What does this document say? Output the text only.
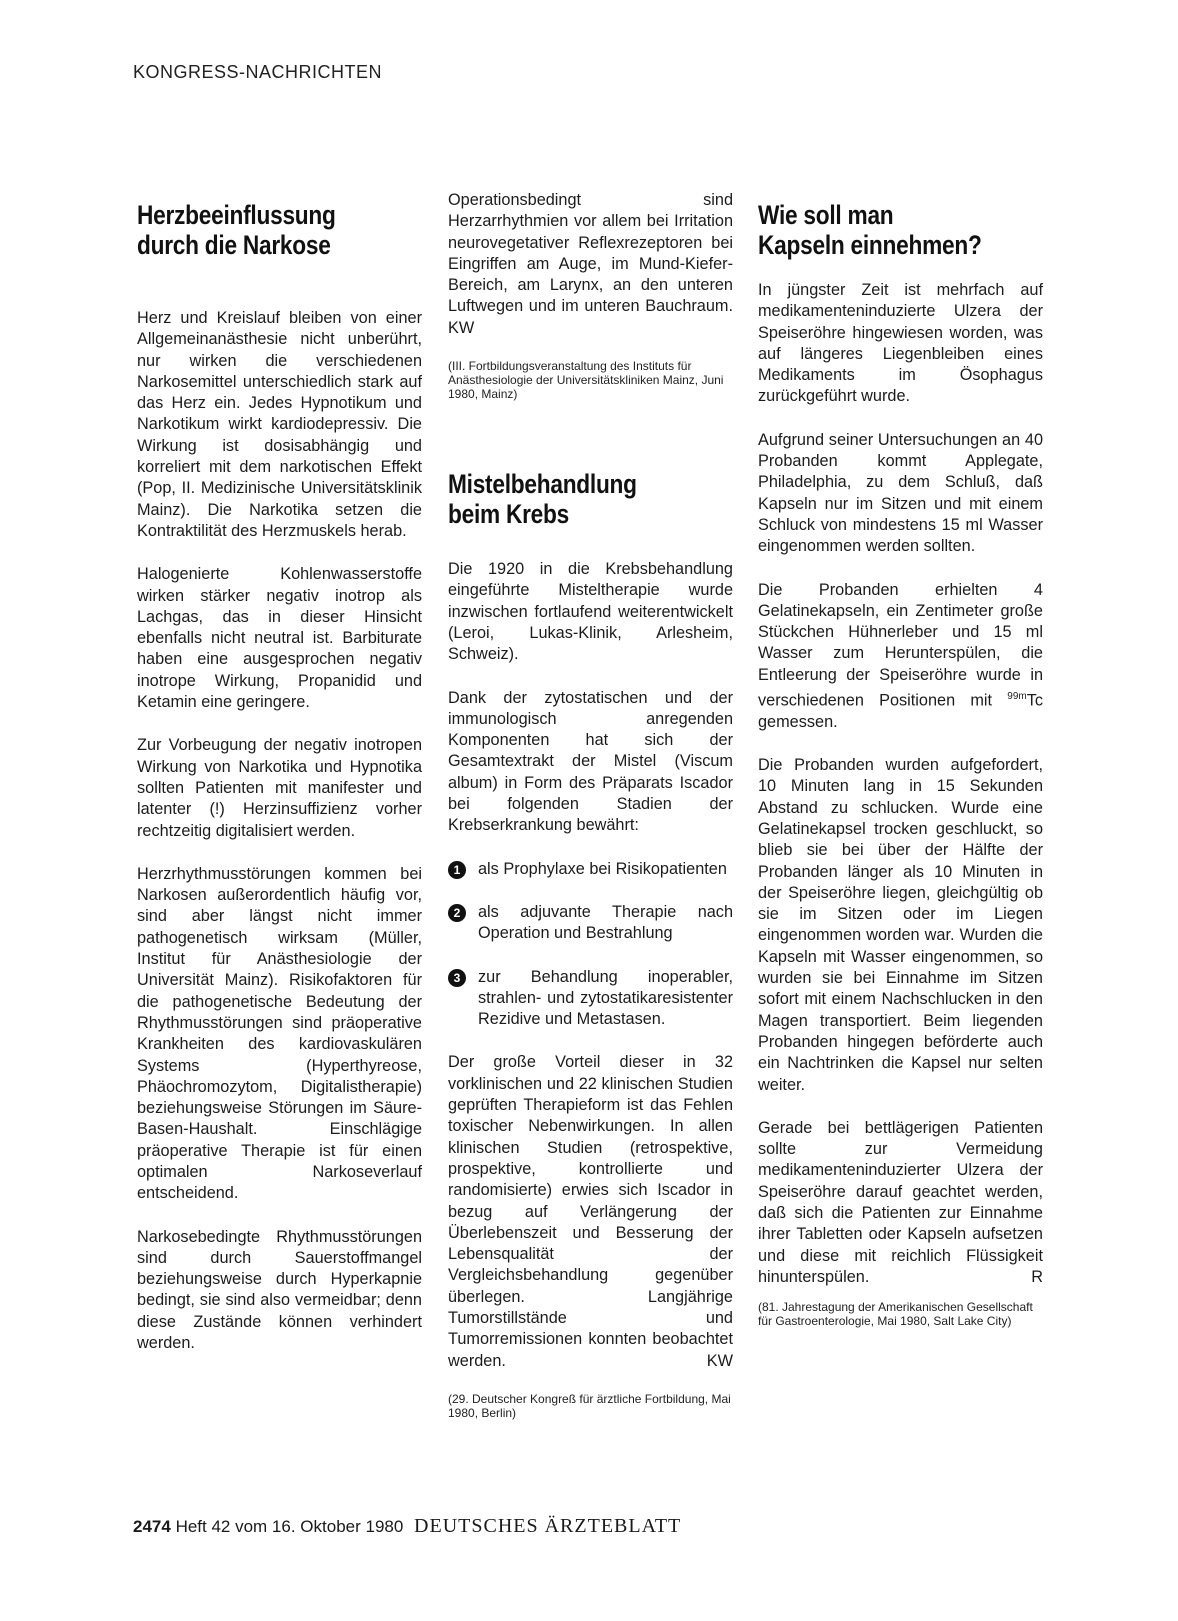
KONGRESS-NACHRICHTEN
Herzbeeinflussung
durch die Narkose

Herz und Kreislauf bleiben von einer Allgemeinanästhesie nicht unberührt, nur wirken die verschiedenen Narkosemittel unterschiedlich stark auf das Herz ein. Jedes Hypnotikum und Narkotikum wirkt kardiodepressiv. Die Wirkung ist dosisabhängig und korreliert mit dem narkotischen Effekt (Pop, II. Medizinische Universitätsklinik Mainz). Die Narkotika setzen die Kontraktilität des Herzmuskels herab.

Halogenierte Kohlenwasserstoffe wirken stärker negativ inotrop als Lachgas, das in dieser Hinsicht ebenfalls nicht neutral ist. Barbiturate haben eine ausgesprochen negativ inotrope Wirkung, Propanidid und Ketamin eine geringere.

Zur Vorbeugung der negativ inotropen Wirkung von Narkotika und Hypnotika sollten Patienten mit manifester und latenter (!) Herzinsuffizienz vorher rechtzeitig digitalisiert werden.

Herzrhythmusstörungen kommen bei Narkosen außerordentlich häufig vor, sind aber längst nicht immer pathogenetisch wirksam (Müller, Institut für Anästhesiologie der Universität Mainz). Risikofaktoren für die pathogenetische Bedeutung der Rhythmusstörungen sind präoperative Krankheiten des kardiovaskulären Systems (Hyperthyreose, Phäochromozytom, Digitalistherapie) beziehungsweise Störungen im Säure-Basen-Haushalt. Einschlägige präoperative Therapie ist für einen optimalen Narkoseverlauf entscheidend.

Narkosebedingte Rhythmusstörungen sind durch Sauerstoffmangel beziehungsweise durch Hyperkapnie bedingt, sie sind also vermeidbar; denn diese Zustände können verhindert werden.

Operationsbedingt sind Herzarrhythmien vor allem bei Irritation neurovegetativer Reflexrezeptoren bei Eingriffen am Auge, im Mund-Kiefer-Bereich, am Larynx, an den unteren Luftwegen und im unteren Bauchraum. KW

(III. Fortbildungsveranstaltung des Instituts für Anästhesiologie der Universitätskliniken Mainz, Juni 1980, Mainz)
Mistelbehandlung
beim Krebs

Die 1920 in die Krebsbehandlung eingeführte Misteltherapie wurde inzwischen fortlaufend weiterentwickelt (Leroi, Lukas-Klinik, Arlesheim, Schweiz).

Dank der zytostatischen und der immunologisch anregenden Komponenten hat sich der Gesamtextrakt der Mistel (Viscum album) in Form des Präparats Iscador bei folgenden Stadien der Krebserkrankung bewährt:

1	als Prophylaxe bei Risikopatienten

2	als adjuvante Therapie nach Operation und Bestrahlung

3	zur Behandlung inoperabler, strahlen- und zytostatikaresistenter Rezidive und Metastasen.

Der große Vorteil dieser in 32 vorklinischen und 22 klinischen Studien geprüften Therapieform ist das Fehlen toxischer Nebenwirkungen. In allen klinischen Studien (retrospektive, prospektive, kontrollierte und randomisierte) erwies sich Iscador in bezug auf Verlängerung der Überlebenszeit und Besserung der Lebensqualität der Vergleichsbehandlung gegenüber überlegen. Langjährige Tumorstillstände und Tumorremissionen konnten beobachtet werden. KW

(29. Deutscher Kongreß für ärztliche Fortbildung, Mai 1980, Berlin)
Wie soll man
Kapseln einnehmen?

In jüngster Zeit ist mehrfach auf medikamenteninduzierte Ulzera der Speiseröhre hingewiesen worden, was auf längeres Liegenbleiben eines Medikaments im Ösophagus zurückgeführt wurde.

Aufgrund seiner Untersuchungen an 40 Probanden kommt Applegate, Philadelphia, zu dem Schluß, daß Kapseln nur im Sitzen und mit einem Schluck von mindestens 15 ml Wasser eingenommen werden sollten.

Die Probanden erhielten 4 Gelatinekapseln, ein Zentimeter große Stückchen Hühnerleber und 15 ml Wasser zum Herunterspülen, die Entleerung der Speiseröhre wurde in verschiedenen Positionen mit $^{99m}$Tc gemessen.

Die Probanden wurden aufgefordert, 10 Minuten lang in 15 Sekunden Abstand zu schlucken. Wurde eine Gelatinekapsel trocken geschluckt, so blieb sie bei über der Hälfte der Probanden länger als 10 Minuten in der Speiseröhre liegen, gleichgültig ob sie im Sitzen oder im Liegen eingenommen worden war. Wurden die Kapseln mit Wasser eingenommen, so wurden sie bei Einnahme im Sitzen sofort mit einem Nachschlucken in den Magen transportiert. Beim liegenden Probanden hingegen beförderte auch ein Nachtrinken die Kapsel nur selten weiter.

Gerade bei bettlägerigen Patienten sollte zur Vermeidung medikamenteninduzierter Ulzera der Speiseröhre darauf geachtet werden, daß sich die Patienten zur Einnahme ihrer Tabletten oder Kapseln aufsetzen und diese mit reichlich Flüssigkeit hinunterspülen. R

(81. Jahrestagung der Amerikanischen Gesellschaft für Gastroenterologie, Mai 1980, Salt Lake City)
2474 Heft 42 vom 16. Oktober 1980 DEUTSCHES ÄRZTEBLATT
